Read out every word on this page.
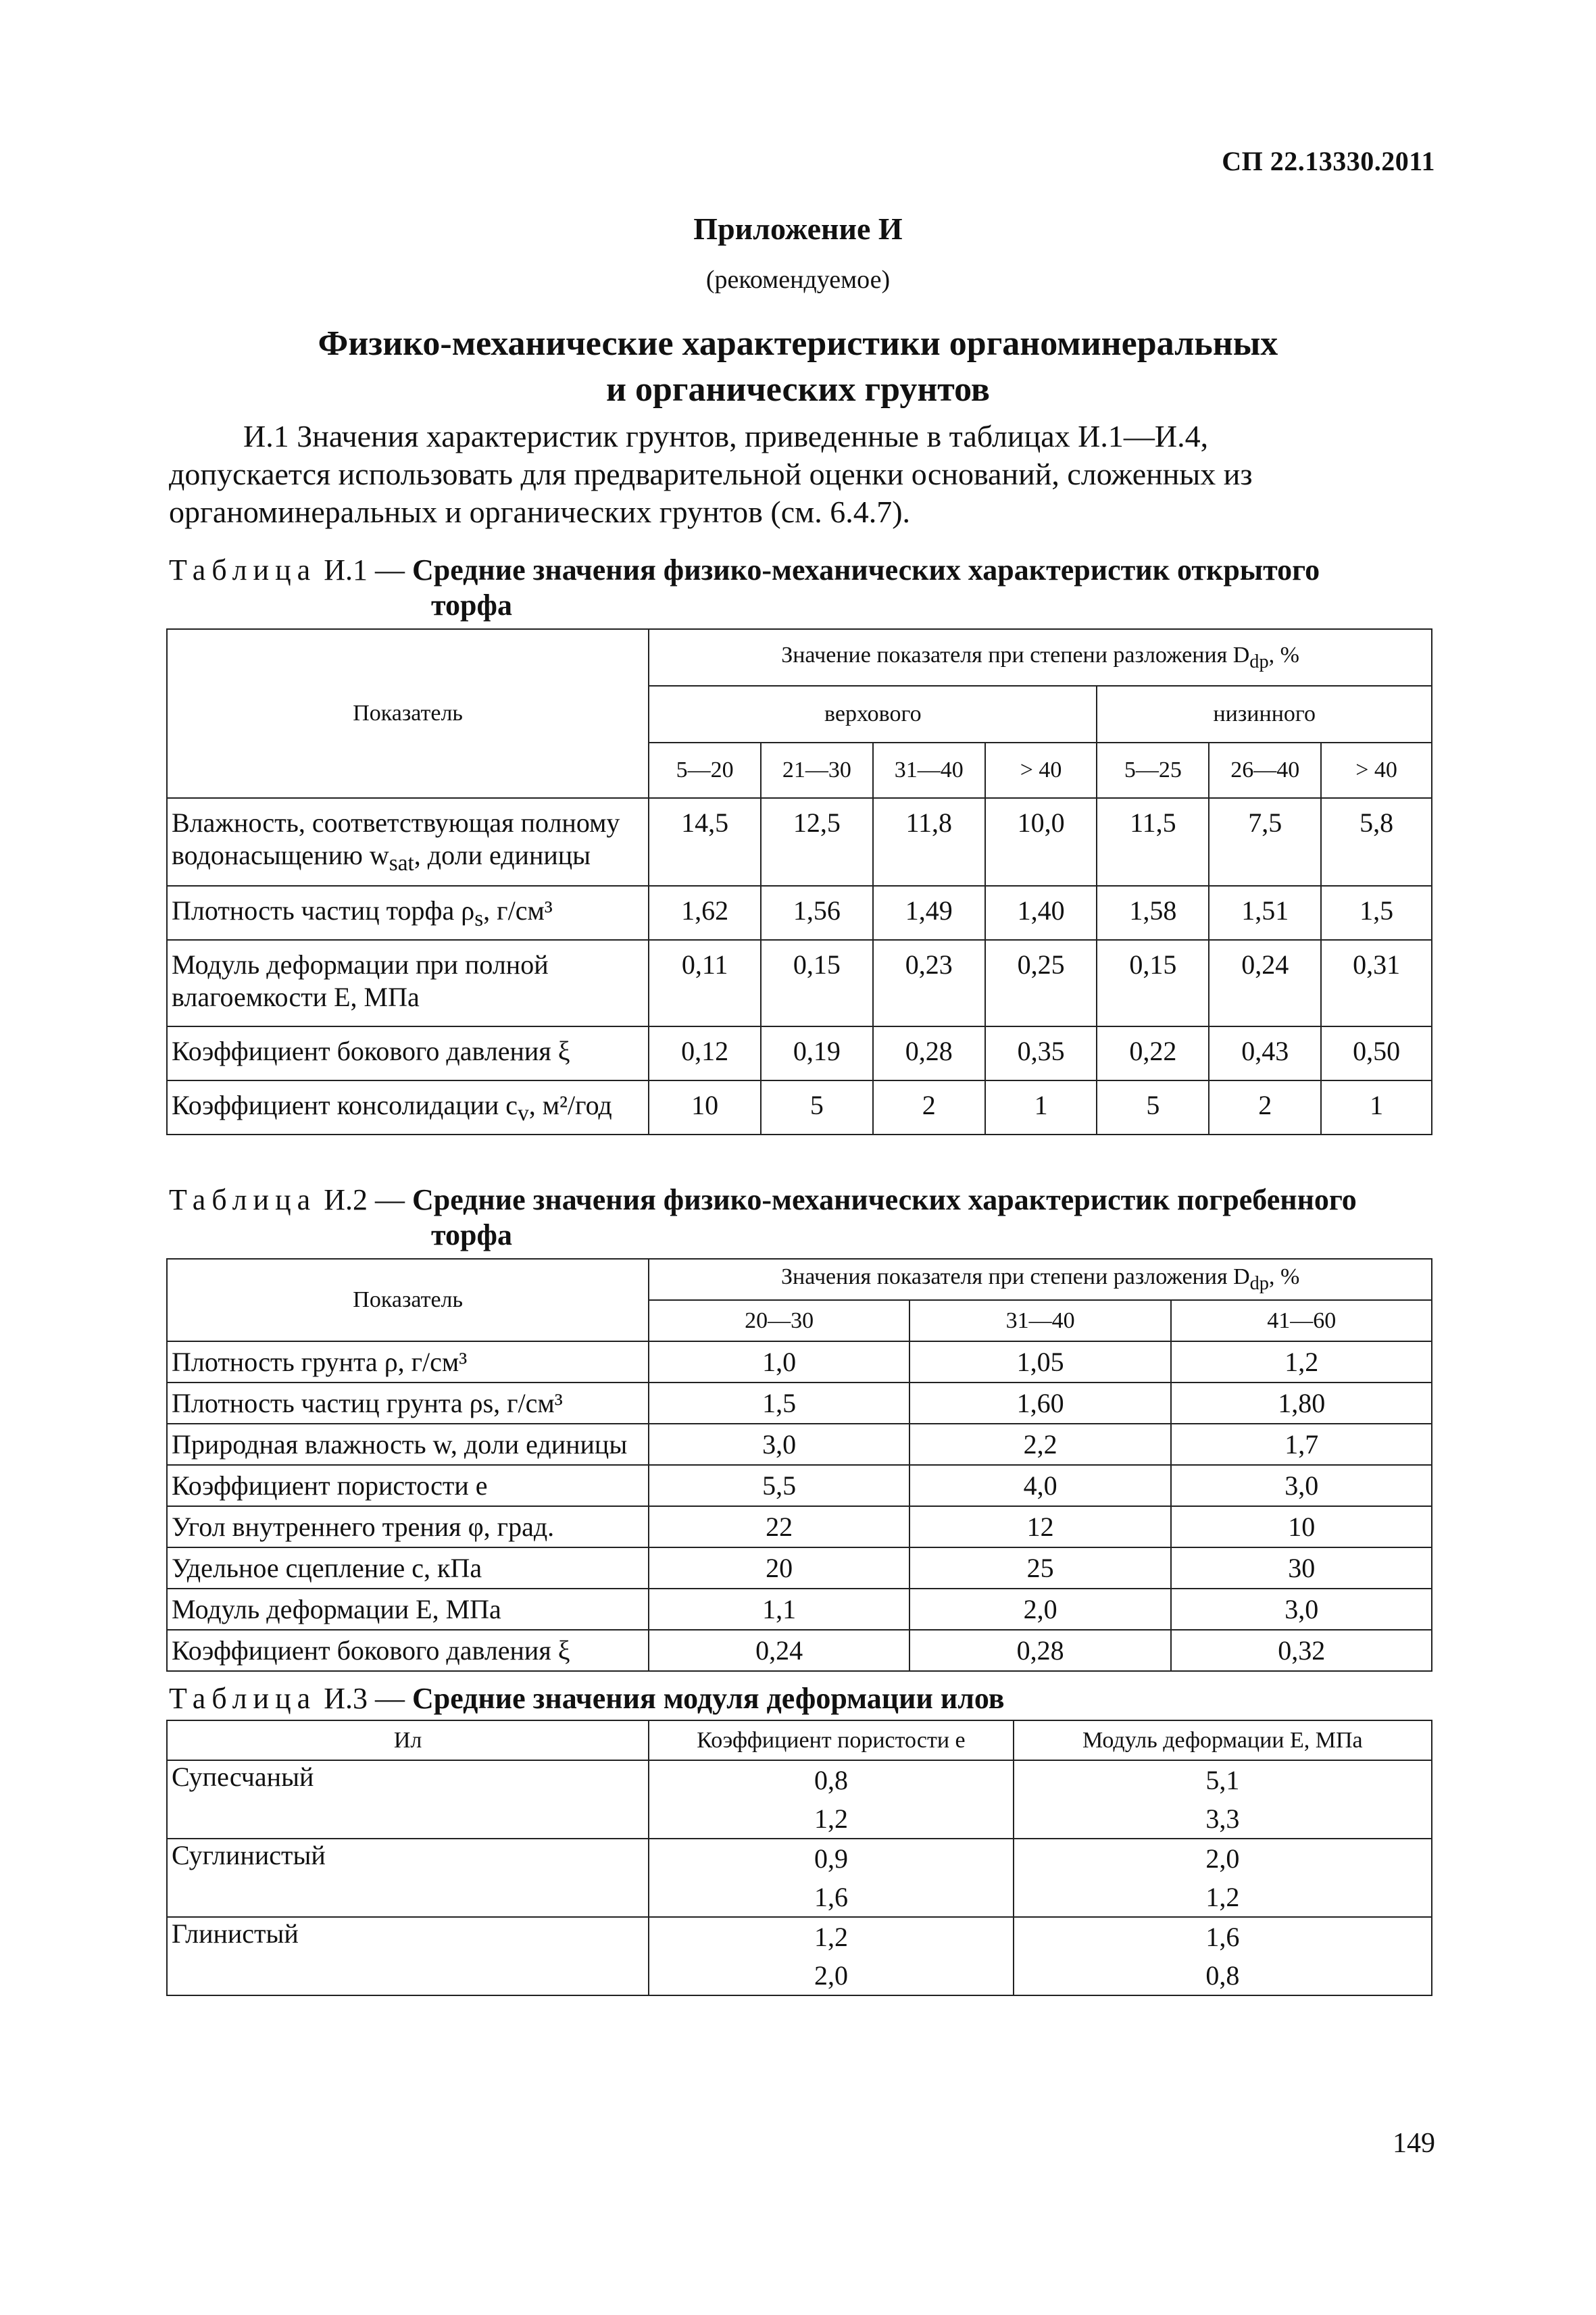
СП 22.13330.2011
Приложение И
(рекомендуемое)
Физико-механические характеристики органоминеральных
и органических грунтов
И.1 Значения характеристик грунтов, приведенные в таблицах И.1—И.4,
допускается использовать для предварительной оценки оснований, сложенных из
органоминеральных и органических грунтов (см. 6.4.7).
Таблица И.1 — Средние значения физико-механических характеристик открытого
торфа
Показатель	Значение показателя при степени разложения $D_{dp}$, %						
	верхового				низинного		
	5—20	21—30	31—40	> 40	5—25	26—40	> 40
Влажность, соответствующая полному водонасыщению $w_{sat}$, доли единицы	14,5	12,5	11,8	10,0	11,5	7,5	5,8
Плотность частиц торфа $\rho_s$, г/см³	1,62	1,56	1,49	1,40	1,58	1,51	1,5
Модуль деформации при полной влагоемкости E, МПа	0,11	0,15	0,23	0,25	0,15	0,24	0,31
Коэффициент бокового давления ξ	0,12	0,19	0,28	0,35	0,22	0,43	0,50
Коэффициент консолидации $c_v$, м²/год	10	5	2	1	5	2	1
Таблица И.2 — Средние значения физико-механических характеристик погребенного
торфа
Показатель	Значения показателя при степени разложения $D_{dp}$, %		
	20—30	31—40	41—60
Плотность грунта ρ, г/см³	1,0	1,05	1,2
Плотность частиц грунта ρs, г/см³	1,5	1,60	1,80
Природная влажность w, доли единицы	3,0	2,2	1,7
Коэффициент пористости e	5,5	4,0	3,0
Угол внутреннего трения φ, град.	22	12	10
Удельное сцепление c, кПа	20	25	30
Модуль деформации E, МПа	1,1	2,0	3,0
Коэффициент бокового давления ξ	0,24	0,28	0,32
Таблица И.3 — Средние значения модуля деформации илов
Ил	Коэффициент пористости e	Модуль деформации E, МПа
Супесчаный	0,8	5,1
	1,2	3,3
Суглинистый	0,9	2,0
	1,6	1,2
Глинистый	1,2	1,6
	2,0	0,8
149
